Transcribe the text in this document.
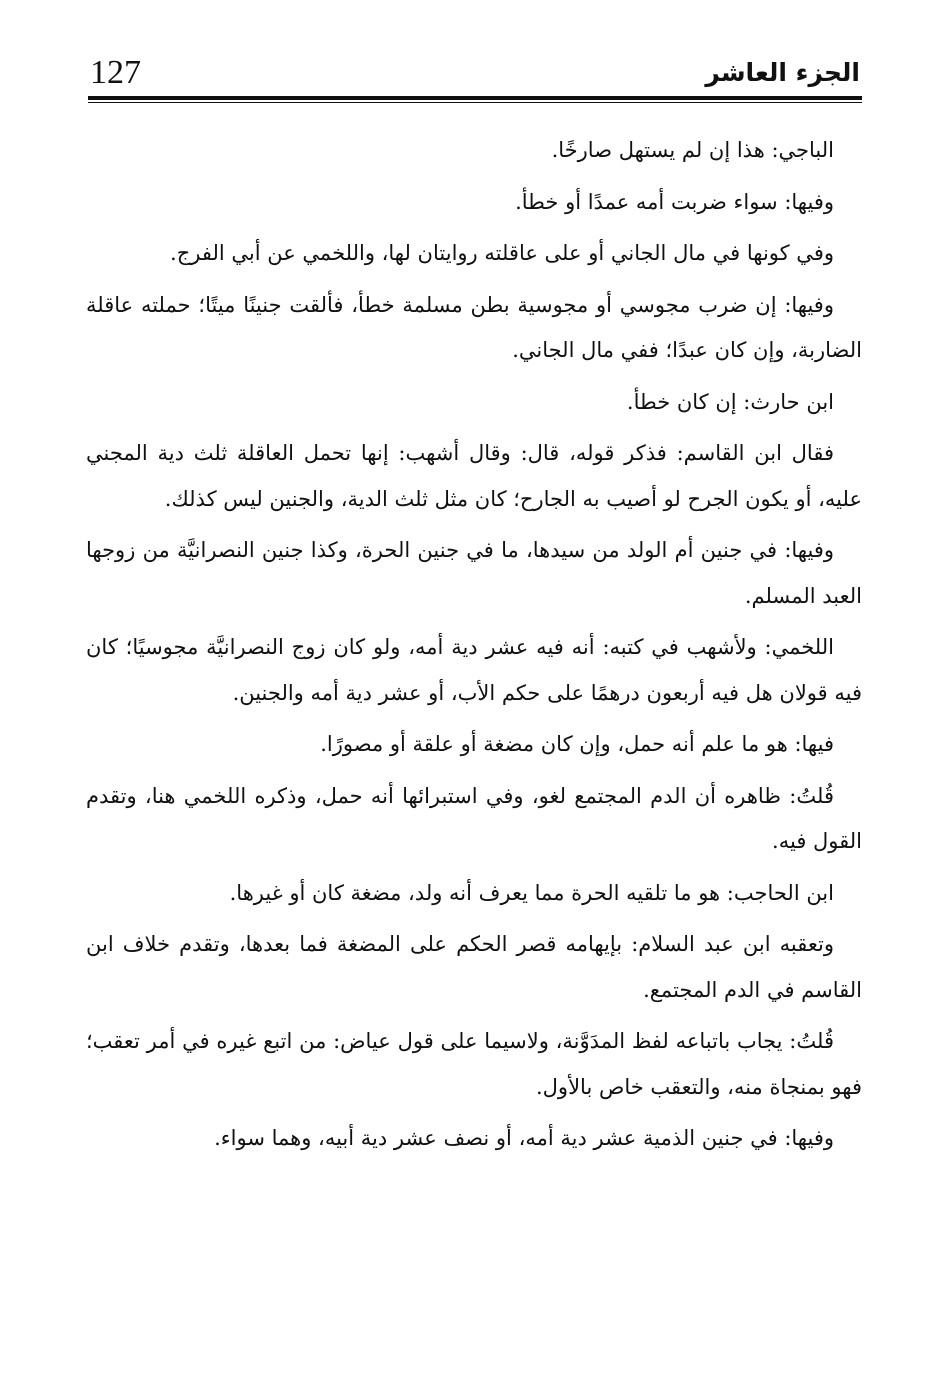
127	الجزء العاشر

الباجي: هذا إن لم يستهل صارخًا.

وفيها: سواء ضربت أمه عمدًا أو خطأ.

وفي كونها في مال الجاني أو على عاقلته روايتان لها، واللخمي عن أبي الفرج.

وفيها: إن ضرب مجوسي أو مجوسية بطن مسلمة خطأ، فألقت جنينًا ميتًا؛ حملته عاقلة الضاربة، وإن كان عبدًا؛ ففي مال الجاني.

ابن حارث: إن كان خطأ.

فقال ابن القاسم: فذكر قوله، قال: وقال أشهب: إنها تحمل العاقلة ثلث دية المجني عليه، أو يكون الجرح لو أصيب به الجارح؛ كان مثل ثلث الدية، والجنين ليس كذلك.

وفيها: في جنين أم الولد من سيدها، ما في جنين الحرة، وكذا جنين النصرانيَّة من زوجها العبد المسلم.

اللخمي: ولأشهب في كتبه: أنه فيه عشر دية أمه، ولو كان زوج النصرانيَّة مجوسيًا؛ كان فيه قولان هل فيه أربعون درهمًا على حكم الأب، أو عشر دية أمه والجنين.

فيها: هو ما علم أنه حمل، وإن كان مضغة أو علقة أو مصورًا.

قُلتُ: ظاهره أن الدم المجتمع لغو، وفي استبرائها أنه حمل، وذكره اللخمي هنا، وتقدم القول فيه.

ابن الحاجب: هو ما تلقيه الحرة مما يعرف أنه ولد، مضغة كان أو غيرها.

وتعقبه ابن عبد السلام: بإيهامه قصر الحكم على المضغة فما بعدها، وتقدم خلاف ابن القاسم في الدم المجتمع.

قُلتُ: يجاب باتباعه لفظ المدَوَّنة، ولاسيما على قول عياض: من اتبع غيره في أمر تعقب؛ فهو بمنجاة منه، والتعقب خاص بالأول.

وفيها: في جنين الذمية عشر دية أمه، أو نصف عشر دية أبيه، وهما سواء.
